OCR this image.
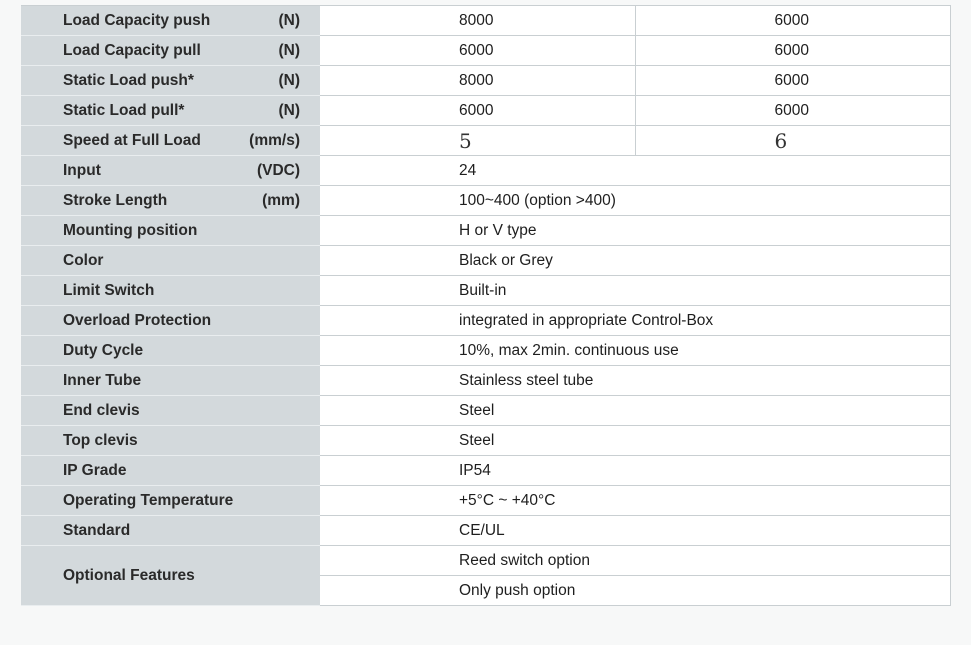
Load Capacity push (N)	8000	6000

Load Capacity pull (N)	6000	6000

Static Load push* (N)	8000	6000

Static Load pull* (N)	6000	6000

Speed at Full Load (mm/s)	5	6

Input (VDC)	24	

Stroke Length (mm)	100~400 (option >400)	

Mounting position	H or V type	

Color	Black or Grey	

Limit Switch	Built-in	

Overload Protection	integrated in appropriate Control-Box	

Duty Cycle	10%, max 2min. continuous use	

Inner Tube	Stainless steel tube	

End clevis	Steel	

Top clevis	Steel	

IP Grade	IP54	

Operating Temperature	+5°C ~ +40°C	

Standard	CE/UL	

Optional Features	Reed switch option	
	Only push option	
